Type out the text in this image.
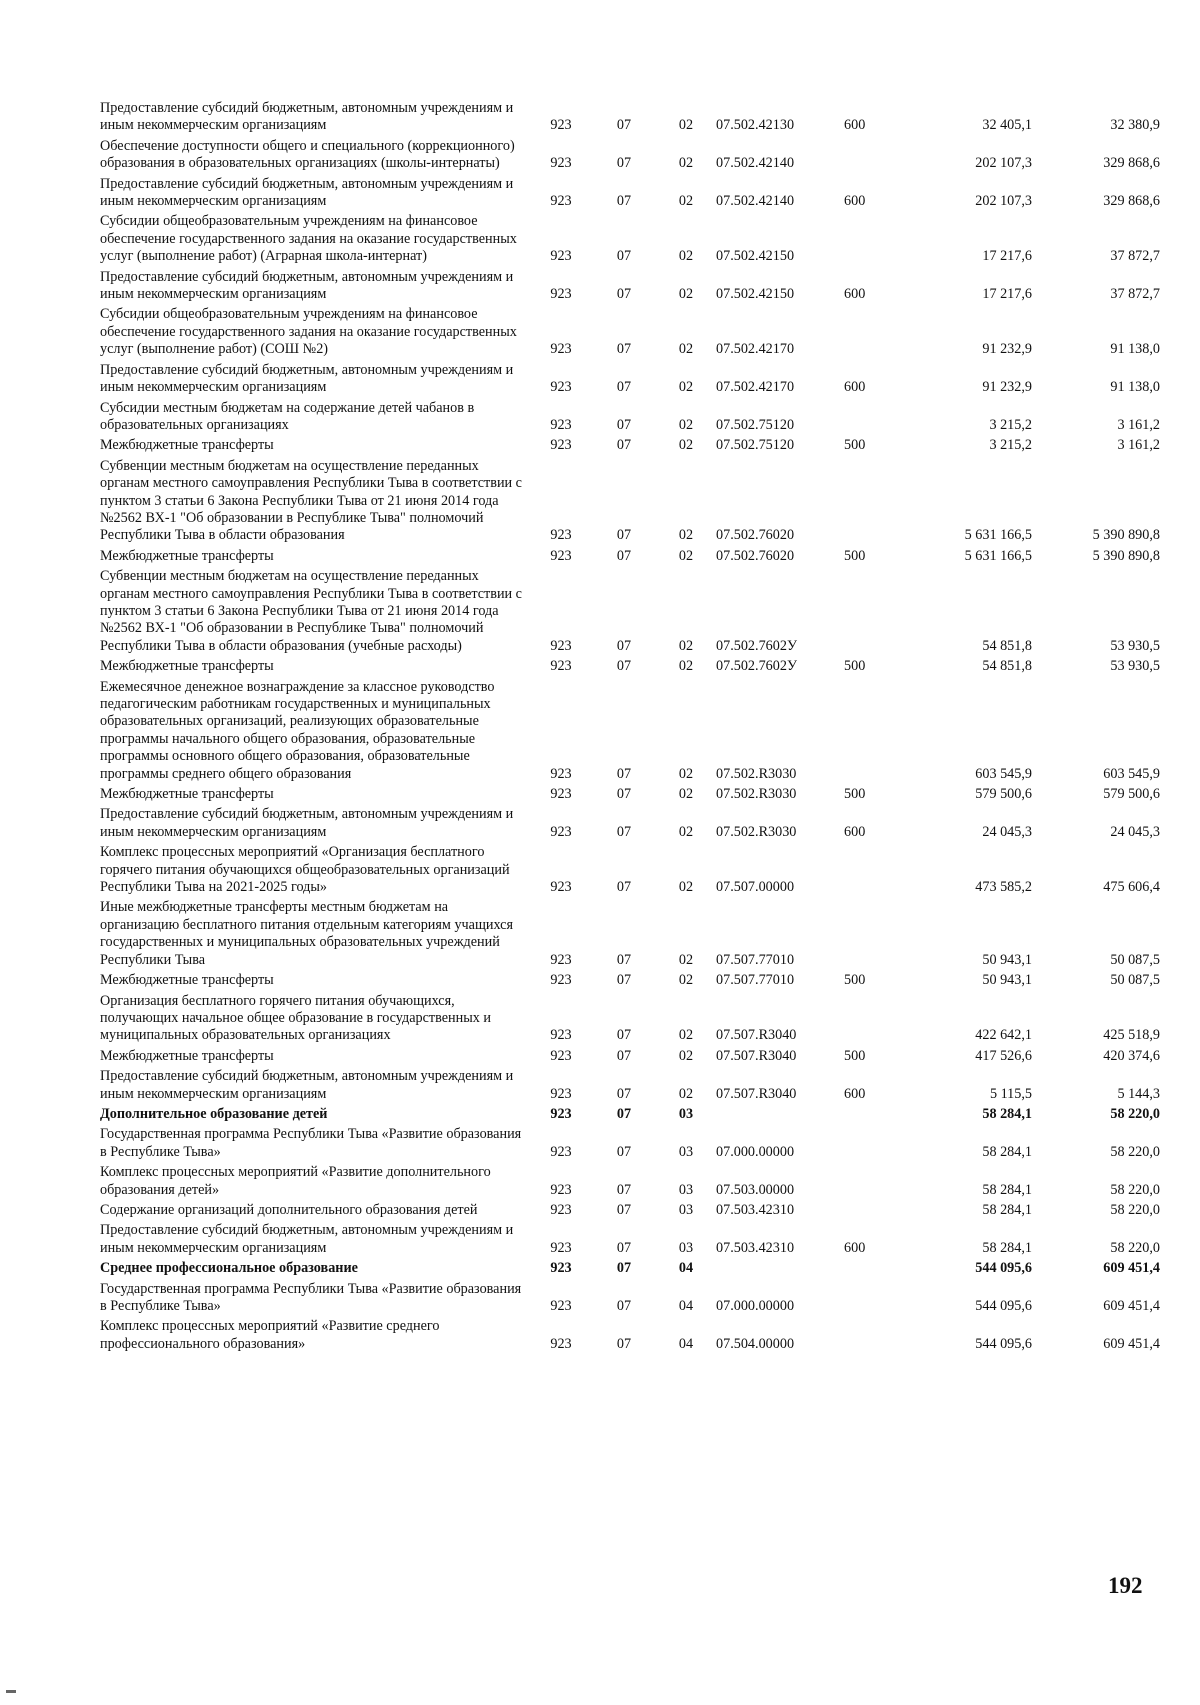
Предоставление субсидий бюджетным, автономным учреждениям и иным некоммерческим организациям	923	07	02	07.502.42130	600	32 405,1	32 380,9
Обеспечение доступности общего и специального (коррекционного) образования в образовательных организациях (школы-интернаты)	923	07	02	07.502.42140		202 107,3	329 868,6
Предоставление субсидий бюджетным, автономным учреждениям и иным некоммерческим организациям	923	07	02	07.502.42140	600	202 107,3	329 868,6
Субсидии общеобразовательным учреждениям на финансовое обеспечение государственного задания на оказание государственных услуг (выполнение работ) (Аграрная школа-интернат)	923	07	02	07.502.42150		17 217,6	37 872,7
Предоставление субсидий бюджетным, автономным учреждениям и иным некоммерческим организациям	923	07	02	07.502.42150	600	17 217,6	37 872,7
Субсидии общеобразовательным учреждениям на финансовое обеспечение государственного задания на оказание государственных услуг (выполнение работ) (СОШ №2)	923	07	02	07.502.42170		91 232,9	91 138,0
Предоставление субсидий бюджетным, автономным учреждениям и иным некоммерческим организациям	923	07	02	07.502.42170	600	91 232,9	91 138,0
Субсидии местным бюджетам на содержание детей чабанов в образовательных организациях	923	07	02	07.502.75120		3 215,2	3 161,2
Межбюджетные трансферты	923	07	02	07.502.75120	500	3 215,2	3 161,2
Субвенции местным бюджетам на осуществление переданных органам местного самоуправления Республики Тыва в соответствии с пунктом 3 статьи 6 Закона Республики Тыва от 21 июня 2014 года №2562 ВХ-1 "Об образовании в Республике Тыва" полномочий Республики Тыва в области образования	923	07	02	07.502.76020		5 631 166,5	5 390 890,8
Межбюджетные трансферты	923	07	02	07.502.76020	500	5 631 166,5	5 390 890,8
Субвенции местным бюджетам на осуществление переданных органам местного самоуправления Республики Тыва в соответствии с пунктом 3 статьи 6 Закона Республики Тыва от 21 июня 2014 года №2562 ВХ-1 "Об образовании в Республике Тыва" полномочий Республики Тыва в области образования (учебные расходы)	923	07	02	07.502.7602У		54 851,8	53 930,5
Межбюджетные трансферты	923	07	02	07.502.7602У	500	54 851,8	53 930,5
Ежемесячное денежное вознаграждение за классное руководство педагогическим работникам государственных и муниципальных образовательных организаций, реализующих образовательные программы начального общего образования, образовательные программы основного общего образования, образовательные программы среднего общего образования	923	07	02	07.502.R3030		603 545,9	603 545,9
Межбюджетные трансферты	923	07	02	07.502.R3030	500	579 500,6	579 500,6
Предоставление субсидий бюджетным, автономным учреждениям и иным некоммерческим организациям	923	07	02	07.502.R3030	600	24 045,3	24 045,3
Комплекс процессных мероприятий «Организация бесплатного горячего питания обучающихся общеобразовательных организаций Республики Тыва на 2021-2025 годы»	923	07	02	07.507.00000		473 585,2	475 606,4
Иные межбюджетные трансферты местным бюджетам на организацию бесплатного питания отдельным категориям учащихся государственных и муниципальных образовательных учреждений Республики Тыва	923	07	02	07.507.77010		50 943,1	50 087,5
Межбюджетные трансферты	923	07	02	07.507.77010	500	50 943,1	50 087,5
Организация бесплатного горячего питания обучающихся, получающих начальное общее образование в государственных и муниципальных образовательных организациях	923	07	02	07.507.R3040		422 642,1	425 518,9
Межбюджетные трансферты	923	07	02	07.507.R3040	500	417 526,6	420 374,6
Предоставление субсидий бюджетным, автономным учреждениям и иным некоммерческим организациям	923	07	02	07.507.R3040	600	5 115,5	5 144,3
Дополнительное образование детей	923	07	03			58 284,1	58 220,0
Государственная программа Республики Тыва «Развитие образования в Республике Тыва»	923	07	03	07.000.00000		58 284,1	58 220,0
Комплекс процессных мероприятий «Развитие дополнительного образования детей»	923	07	03	07.503.00000		58 284,1	58 220,0
Содержание организаций дополнительного образования детей	923	07	03	07.503.42310		58 284,1	58 220,0
Предоставление субсидий бюджетным, автономным учреждениям и иным некоммерческим организациям	923	07	03	07.503.42310	600	58 284,1	58 220,0
Среднее профессиональное образование	923	07	04			544 095,6	609 451,4
Государственная программа Республики Тыва «Развитие образования в Республике Тыва»	923	07	04	07.000.00000		544 095,6	609 451,4
Комплекс процессных мероприятий «Развитие среднего профессионального образования»	923	07	04	07.504.00000		544 095,6	609 451,4
192
